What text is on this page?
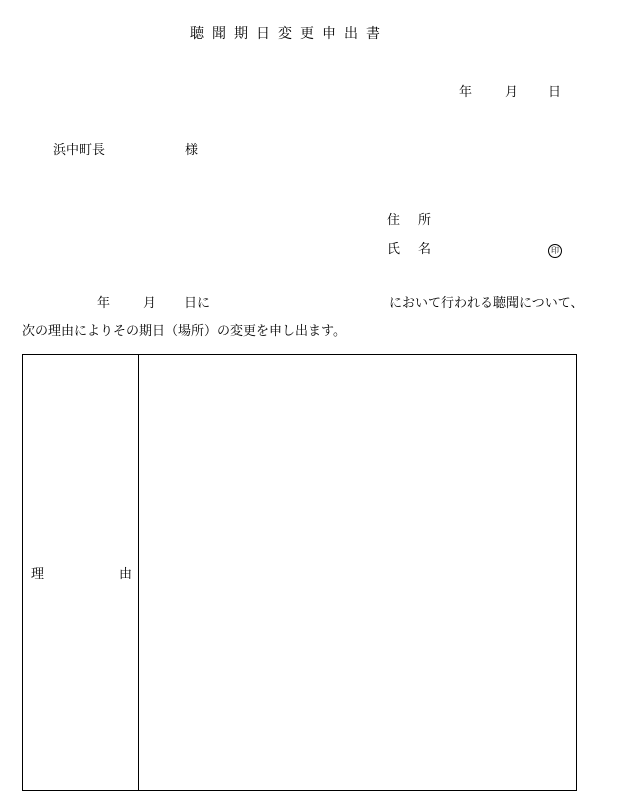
聴聞期日変更申出書
年	月 日
浜中町長	様
住 所
氏 名	印
年	月 日に	において行われる聴聞について、
次の理由によりその期日（場所）の変更を申し出ます。
理	由
